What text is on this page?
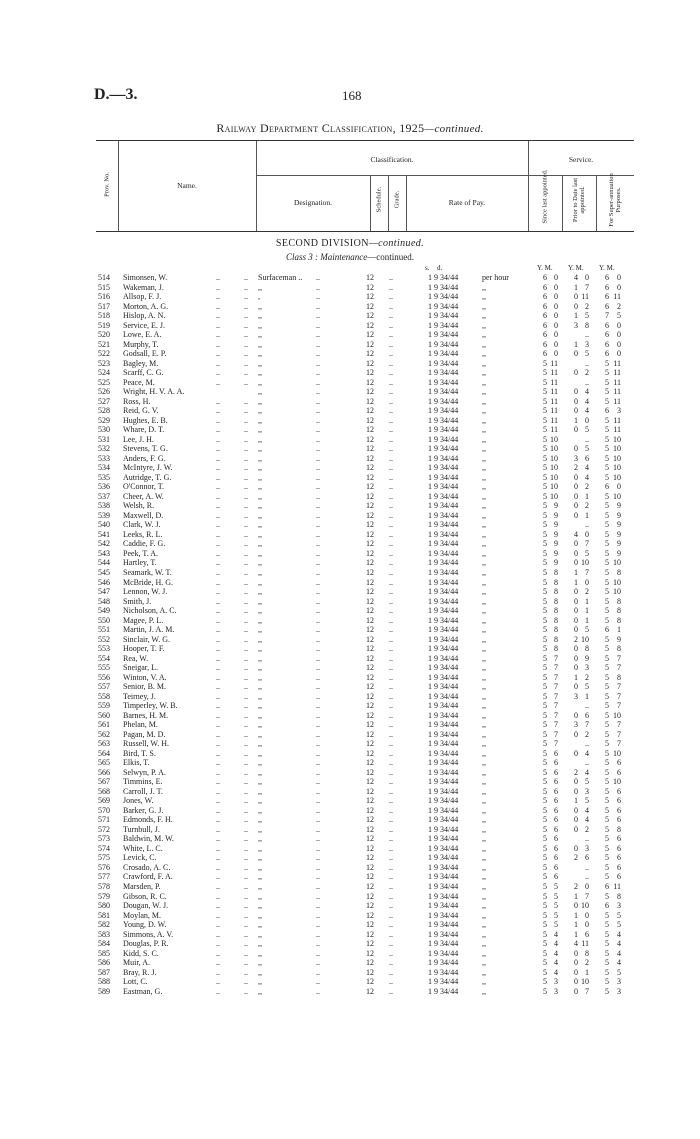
D.—3.	168
Railway Department Classification, 1925—continued.
Prov. No.	Name.
Classification.	Service.
Designation.	Schedule. Grade.	Rate of Pay.	Since last appointed.	Prior to Date last appointed.	For Super-annuation Purposes.
SECOND DIVISION—continued.
Class 3 : Maintenance—continued.
s. d.	Y. M. Y. M. Y. M.
514 Simonsen, W.	..	.. Surfaceman .. ..	12 ..	1 9 34/44	per hour	6 0	4 0	6	0
515 Wakeman, J.	..	.. ,,	..	12 ..	1 9 34/44	,,	6 0	1 7	6	0
516 Allsop, F. J.	..	.. ,	..	12 ..	1 9 34/44	,,	6 0	0 11	6 11
517 Morton, A. G.	..	.. ,,	..	12 ..	1 9 34/44	,,	6 0	0 2	6	2
518 Hislop, A. N.	..	.. ,,	..	12 ..	1 9 34/44	,,	6 0	1 5	7	5
519 Service, E. J.	..	.. ,,	..	12 ..	1 9 34/44	,,	6 0	3 8	6	0
520 Lowe, E. A.	..	.. ,,	..	12 ..	1 9 34/44	,,	6 0	..	6	0
521 Murphy, T.	..	.. ,,	..	12 ..	1 9 34/44	,,	6 0	1 3	6	0
522 Godsall, E. P.	..	.. ,,	..	12 ..	1 9 34/44	,,	6 0	0 5	6	0
523 Bagley, M.	..	.. ,,	..	12 ..	1 9 34/44	,,	5 11	..	5 11
524 Scarff, C. G.	..	.. ,,	..	12 ..	1 9 34/44	,,	5 11	0 2	5 11
525 Peace, M.	..	.. ,,	..	12 ..	1 9 34/44	,,	5 11	..	5 11
526 Wright, H. V. A. A.	,,	..	12 ..	1 9 34/44	,,	5 11	0 4	5 11
527 Ross, H.	..	.. ,,	..	12 ..	1 9 34/44	,,	5 11	0 4	5 11
528 Reid, G. V.	..	.. ,,	..	12 ..	1 9 34/44	,,	5 11	0 4	6	3
529 Hughes, E. B.	..	.. ,,	..	12 ..	1 9 34/44	,,	5 11	1 0	5 11
530 Whare, D. T.	..	.. ,,	..	12 ..	1 9 34/44	,,	5 11	0 5	5 11
531 Lee, J. H.	..	.. ,,	..	12 ..	1 9 34/44	,,	5 10	..	5 10
532 Stevens, T. G.	..	.. ,,	..	12 ..	1 9 34/44	,,	5 10	0 5	5 10
533 Anders, F. G.	..	.. ,,	..	12 ..	1 9 34/44	,,	5 10	3 6	5 10
534 McIntyre, J. W.	..	.. ,,	..	12 ..	1 9 34/44	,,	5 10	2 4	5 10
535 Autridge, T. G.	..	.. ,,	..	12 ..	1 9 34/44	,,	5 10	0 4	5 10
536 O'Connor, T.	..	.. ,,	..	12 ..	1 9 34/44	,,	5 10	0 2	6	0
537 Cheer, A. W.	..	.. ,,	..	12 ..	1 9 34/44	,,	5 10	0 1	5 10
538 Welsh, R.	..	.. ,,	..	12 ..	1 9 34/44	,,	5 9	0 2	5	9
539 Maxwell, D.	..	.. ,,	..	12 ..	1 9 34/44	,,	5 9	0 1	5	9
540 Clark, W. J.	..	.. ,,	..	12 ..	1 9 34/44	,,	5 9	..	5	9
541 Leeks, R. L.	..	.. ,,	..	12 ..	1 9 34/44	,,	5 9	4 0	5	9
542 Caddie, F. G.	..	.. ,,	..	12 ..	1 9 34/44	,,	5 9	0 7	5	9
543 Peek, T. A.	..	.. ,,	..	12 ..	1 9 34/44	,,	5 9	0 5	5	9
544 Hartley, T.	..	.. ,,	..	12 ..	1 9 34/44	,,	5 9	0 10	5 10
545 Seamark, W. T.	..	.. ,,	..	12 ..	1 9 34/44	,,	5 8	1 7	5	8
546 McBride, H. G.	..	.. ,,	..	12 ..	1 9 34/44	,,	5 8	1 0	5 10
547 Lennon, W. J.	..	.. ,,	..	12 ..	1 9 34/44	,,	5 8	0 2	5 10
548 Smith, J.	..	.. ,,	..	12 ..	1 9 34/44	,,	5 8	0 1	5	8
549 Nicholson, A. C.	..	.. ,,	..	12 ..	1 9 34/44	,,	5 8	0 1	5	8
550 Magee, P. L.	..	.. ,,	..	12 ..	1 9 34/44	,,	5 8	0 1	5	8
551 Martin, J. A. M.	..	.. ,,	..	12 ..	1 9 34/44	,,	5 8	0 5	6	1
552 Sinclair, W. G.	..	.. ,,	..	12 ..	1 9 34/44	,,	5 8	2 10	5	9
553 Hooper, T. F.	..	.. ,,	..	12 ..	1 9 34/44	,,	5 8	0 8	5	8
554 Rea, W.	..	.. ,,	..	12 ..	1 9 34/44	,,	5 7	0 9	5	7
555 Sneigar, L.	..	.. ,,	..	12 ..	1 9 34/44	,,	5 7	0 3	5	7
556 Winton, V. A.	..	.. ,,	..	12 ..	1 9 34/44	,,	5 7	1 2	5	8
557 Senior, B. M.	..	.. ,,	..	12 ..	1 9 34/44	,,	5 7	0 5	5	7
558 Teirney, J.	..	.. ,,	..	12 ..	1 9 34/44	,,	5 7	3 1	5	7
559 Timperley, W. B.	..	.. ,,	..	12 ..	1 9 34/44	,,	5 7	..	5	7
560 Barnes, H. M.	..	.. ,,	..	12 ..	1 9 34/44	,,	5 7	0 6	5 10
561 Phelan, M.	..	.. ,,	..	12 ..	1 9 34/44	,,	5 7	3 7	5	7
562 Pagan, M. D.	..	.. ,,	..	12 ..	1 9 34/44	,,	5 7	0 2	5	7
563 Russell, W. H.	..	.. ,,	..	12 ..	1 9 34/44	,,	5 7	..	5	7
564 Bird, T. S.	..	.. ,,	..	12 ..	1 9 34/44	,,	5 6	0 4	5 10
565 Elkis, T.	..	.. ,,	..	12 ..	1 9 34/44	,,	5 6	..	5	6
566 Selwyn, P. A.	..	.. ,,	..	12 ..	1 9 34/44	,,	5 6	2 4	5	6
567 Timmins, E.	..	.. ,,	..	12 ..	1 9 34/44	,,	5 6	0 5	5 10
568 Carroll, J. T.	..	.. ,,	..	12 ..	1 9 34/44	,,	5 6	0 3	5	6
569 Jones, W.	..	.. ,,	..	12 ..	1 9 34/44	,,	5 6	1 5	5	6
570 Barker, G. J.	..	.. ,,	..	12 ..	1 9 34/44	,,	5 6	0 4	5	6
571 Edmonds, F. H.	..	.. ,,	..	12 ..	1 9 34/44	,,	5 6	0 4	5	6
572 Turnbull, J.	..	.. ,,	..	12 ..	1 9 34/44	,,	5 6	0 2	5	8
573 Baldwin, M. W.	..	.. ,,	..	12 ..	1 9 34/44	,,	5 6	..	5	6
574 White, L. C.	..	.. ,,	..	12 ..	1 9 34/44	,,	5 6	0 3	5	6
575 Levick, C.	..	.. ,,	..	12 ..	1 9 34/44	,,	5 6	2 6	5	6
576 Crosado, A. C.	..	.. ,,	..	12 ..	1 9 34/44	,,	5 6	..	5	6
577 Crawford, F. A.	..	.. ,,	..	12 ..	1 9 34/44	,,	5 6	..	5	6
578 Marsden, P.	..	.. ,,	..	12 ..	1 9 34/44	,,	5 5	2 0	6 11
579 Gibson, R. C.	..	.. ,,	..	12 ..	1 9 34/44	,,	5 5	1 7	5	8
580 Dougan, W. J.	..	.. ,,	..	12 ..	1 9 34/44	,,	5 5	0 10	6	3
581 Moylan, M.	..	.. ,,	..	12 ..	1 9 34/44	,,	5 5	1 0	5	5
582 Young, D. W.	..	.. ,,	..	12 ..	1 9 34/44	,,	5 5	1 0	5	5
583 Simmons, A. V.	..	.. ,,	..	12 ..	1 9 34/44	,,	5 4	1 6	5	4
584 Douglas, P. R.	..	.. ,,	..	12 ..	1 9 34/44	,,	5 4	4 11	5	4
585 Kidd, S. C.	..	.. ,,	..	12 ..	1 9 34/44	,,	5 4	0 8	5	4
586 Muir, A.	..	.. ,,	..	12 ..	1 9 34/44	,,	5 4	0 2	5	4
587 Bray, R. J.	..	.. ,,	..	12 ..	1 9 34/44	,,	5 4	0 1	5	5
588 Lott, C.	..	.. ,,	..	12 ..	1 9 34/44	,,	5 3	0 10	5	3
589 Eastman, G.	..	.. ,,	..	12 ..	1 9 34/44	,,	5 3	0 7	5	3
